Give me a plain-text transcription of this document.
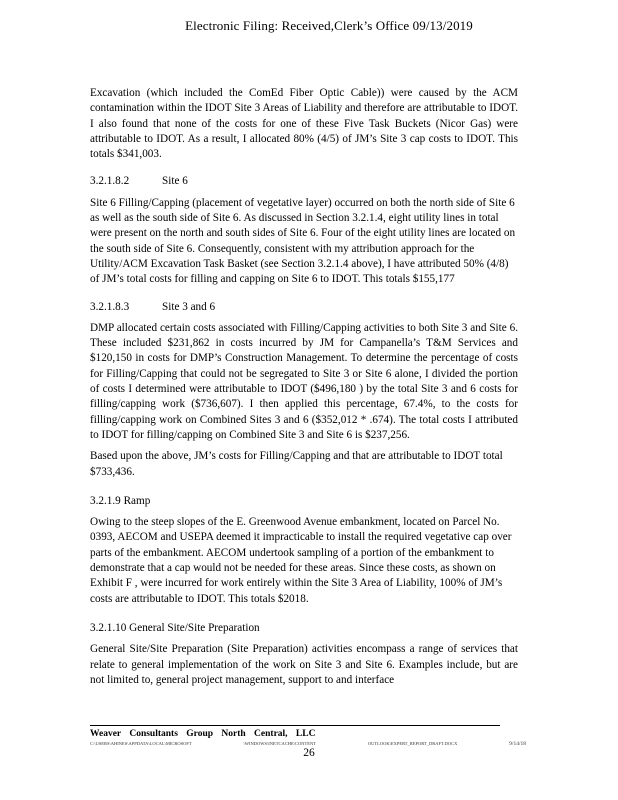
Electronic Filing: Received,Clerk’s Office 09/13/2019

Excavation (which included the ComEd Fiber Optic Cable)) were caused by the ACM contamination within the IDOT Site 3 Areas of Liability and therefore are attributable to IDOT. I also found that none of the costs for one of these Five Task Buckets (Nicor Gas) were attributable to IDOT. As a result, I allocated 80% (4/5) of JM’s Site 3 cap costs to IDOT. This totals $341,003.

3.2.1.8.2	Site 6

Site 6 Filling/Capping (placement of vegetative layer) occurred on both the north side of Site 6 as well as the south side of Site 6. As discussed in Section 3.2.1.4, eight utility lines in total were present on the north and south sides of Site 6. Four of the eight utility lines are located on the south side of Site 6. Consequently, consistent with my attribution approach for the Utility/ACM Excavation Task Basket (see Section 3.2.1.4 above), I have attributed 50% (4/8) of JM’s total costs for filling and capping on Site 6 to IDOT. This totals $155,177

3.2.1.8.3	Site 3 and 6

DMP allocated certain costs associated with Filling/Capping activities to both Site 3 and Site 6. These included $231,862 in costs incurred by JM for Campanella’s T&M Services and $120,150 in costs for DMP’s Construction Management. To determine the percentage of costs for Filling/Capping that could not be segregated to Site 3 or Site 6 alone, I divided the portion of costs I determined were attributable to IDOT ($496,180 ) by the total Site 3 and 6 costs for filling/capping work ($736,607). I then applied this percentage, 67.4%, to the costs for filling/capping work on Combined Sites 3 and 6 ($352,012 * .674). The total costs I attributed to IDOT for filling/capping on Combined Site 3 and Site 6 is $237,256.

Based upon the above, JM’s costs for Filling/Capping and that are attributable to IDOT total $733,436.

3.2.1.9 Ramp

Owing to the steep slopes of the E. Greenwood Avenue embankment, located on Parcel No. 0393, AECOM and USEPA deemed it impracticable to install the required vegetative cap over parts of the embankment. AECOM undertook sampling of a portion of the embankment to demonstrate that a cap would not be needed for these areas. Since these costs, as shown on Exhibit F , were incurred for work entirely within the Site 3 Area of Liability, 100% of JM’s costs are attributable to IDOT. This totals $2018.

3.2.1.10 General Site/Site Preparation

General Site/Site Preparation (Site Preparation) activities encompass a range of services that relate to general implementation of the work on Site 3 and Site 6. Examples include, but are not limited to, general project management, support to and interface

Weaver Consultants Group North Central, LLC
C:\USERS\AHINES\APPDATA\LOCAL\MICROSOFT	\WINDOWS\INETCACHE\CONTENT	OUTLOOK\EXPERT_REPORT_DRAFT.DOCX	9/14/18
26
